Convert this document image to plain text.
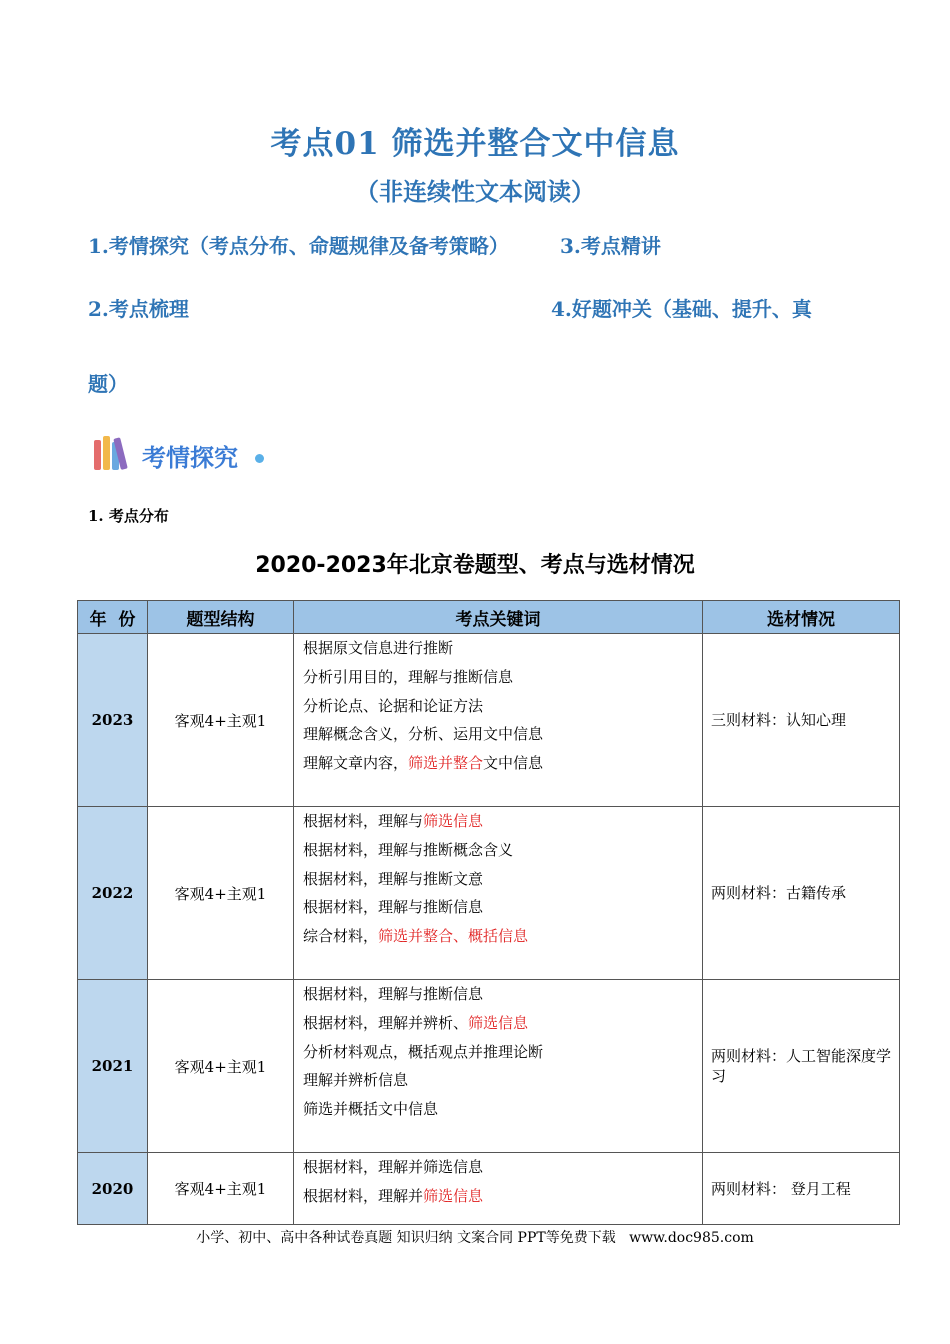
考点01 筛选并整合文中信息
（非连续性文本阅读）
1.考情探究（考点分布、命题规律及备考策略）	3.考点精讲
2.考点梳理	4.好题冲关（基础、提升、真
题）
考情探究
1. 考点分布
2020-2023年北京卷题型、考点与选材情况
年  份	题型结构	考点关键词	选材情况
2023	客观4+主观1	根据原文信息进行推断
分析引用目的，理解与推断信息
分析论点、论据和论证方法
理解概念含义，分析、运用文中信息
理解文章内容，筛选并整合文中信息	三则材料：认知心理
2022	客观4+主观1	根据材料，理解与筛选信息
根据材料，理解与推断概念含义
根据材料，理解与推断文意
根据材料，理解与推断信息
综合材料，筛选并整合、概括信息	两则材料：古籍传承
2021	客观4+主观1	根据材料，理解与推断信息
根据材料，理解并辨析、筛选信息
分析材料观点，概括观点并推理论断
理解并辨析信息
筛选并概括文中信息	两则材料：人工智能深度学习
2020	客观4+主观1	根据材料，理解并筛选信息
根据材料，理解并筛选信息	两则材料： 登月工程
小学、初中、高中各种试卷真题 知识归纳 文案合同 PPT等免费下载   www.doc985.com
